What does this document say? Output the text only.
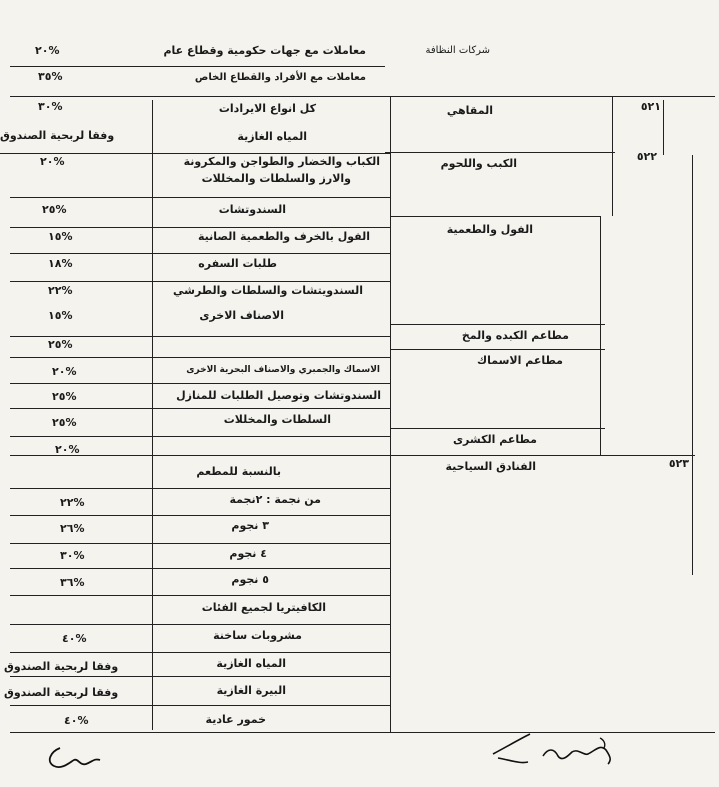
شركات النظافة
المقاهي
الكبب واللحوم
الفول والطعمية
مطاعم الكبده والمخ
مطاعم الاسماك
مطاعم الكشرى
الفنادق السياحية
٥٢١
٥٢٢
٥٢٣
معاملات مع جهات حكومية وقطاع عام
معاملات مع الأفراد والقطاع الخاص
كل انواع الايرادات
المياه الغازية
الكباب والخضار والطواجن والمكرونة
والارز والسلطات والمخللات
السندوتشات
الفول بالخرف والطعمية الصانية
طلبات السفره
السندويتشات والسلطات والطرشي
الاصناف الاخرى
الاسماك والجمبري والاصناف البحرية الاخرى
السندوتشات وتوصيل الطلبات للمنازل
السلطات والمخللات
بالنسبة للمطعم
من نجمة : ٢نجمة
٣ نجوم
٤ نجوم
٥ نجوم
الكافيتريا لجميع الفئات
مشروبات ساخنة
المياه الغازية
البيرة الغازية
خمور عادية
%٢٠
%٣٥
%٣٠
وفقا لربحية الصندوق
%٢٠
%٢٥
%١٥
%١٨
%٢٢
%١٥
%٢٥
%٢٠
%٢٥
%٢٥
%٢٠
%٢٢
%٢٦
%٣٠
%٣٦
%٤٠
وفقا لربحية الصندوق
وفقا لربحية الصندوق
%٤٠
